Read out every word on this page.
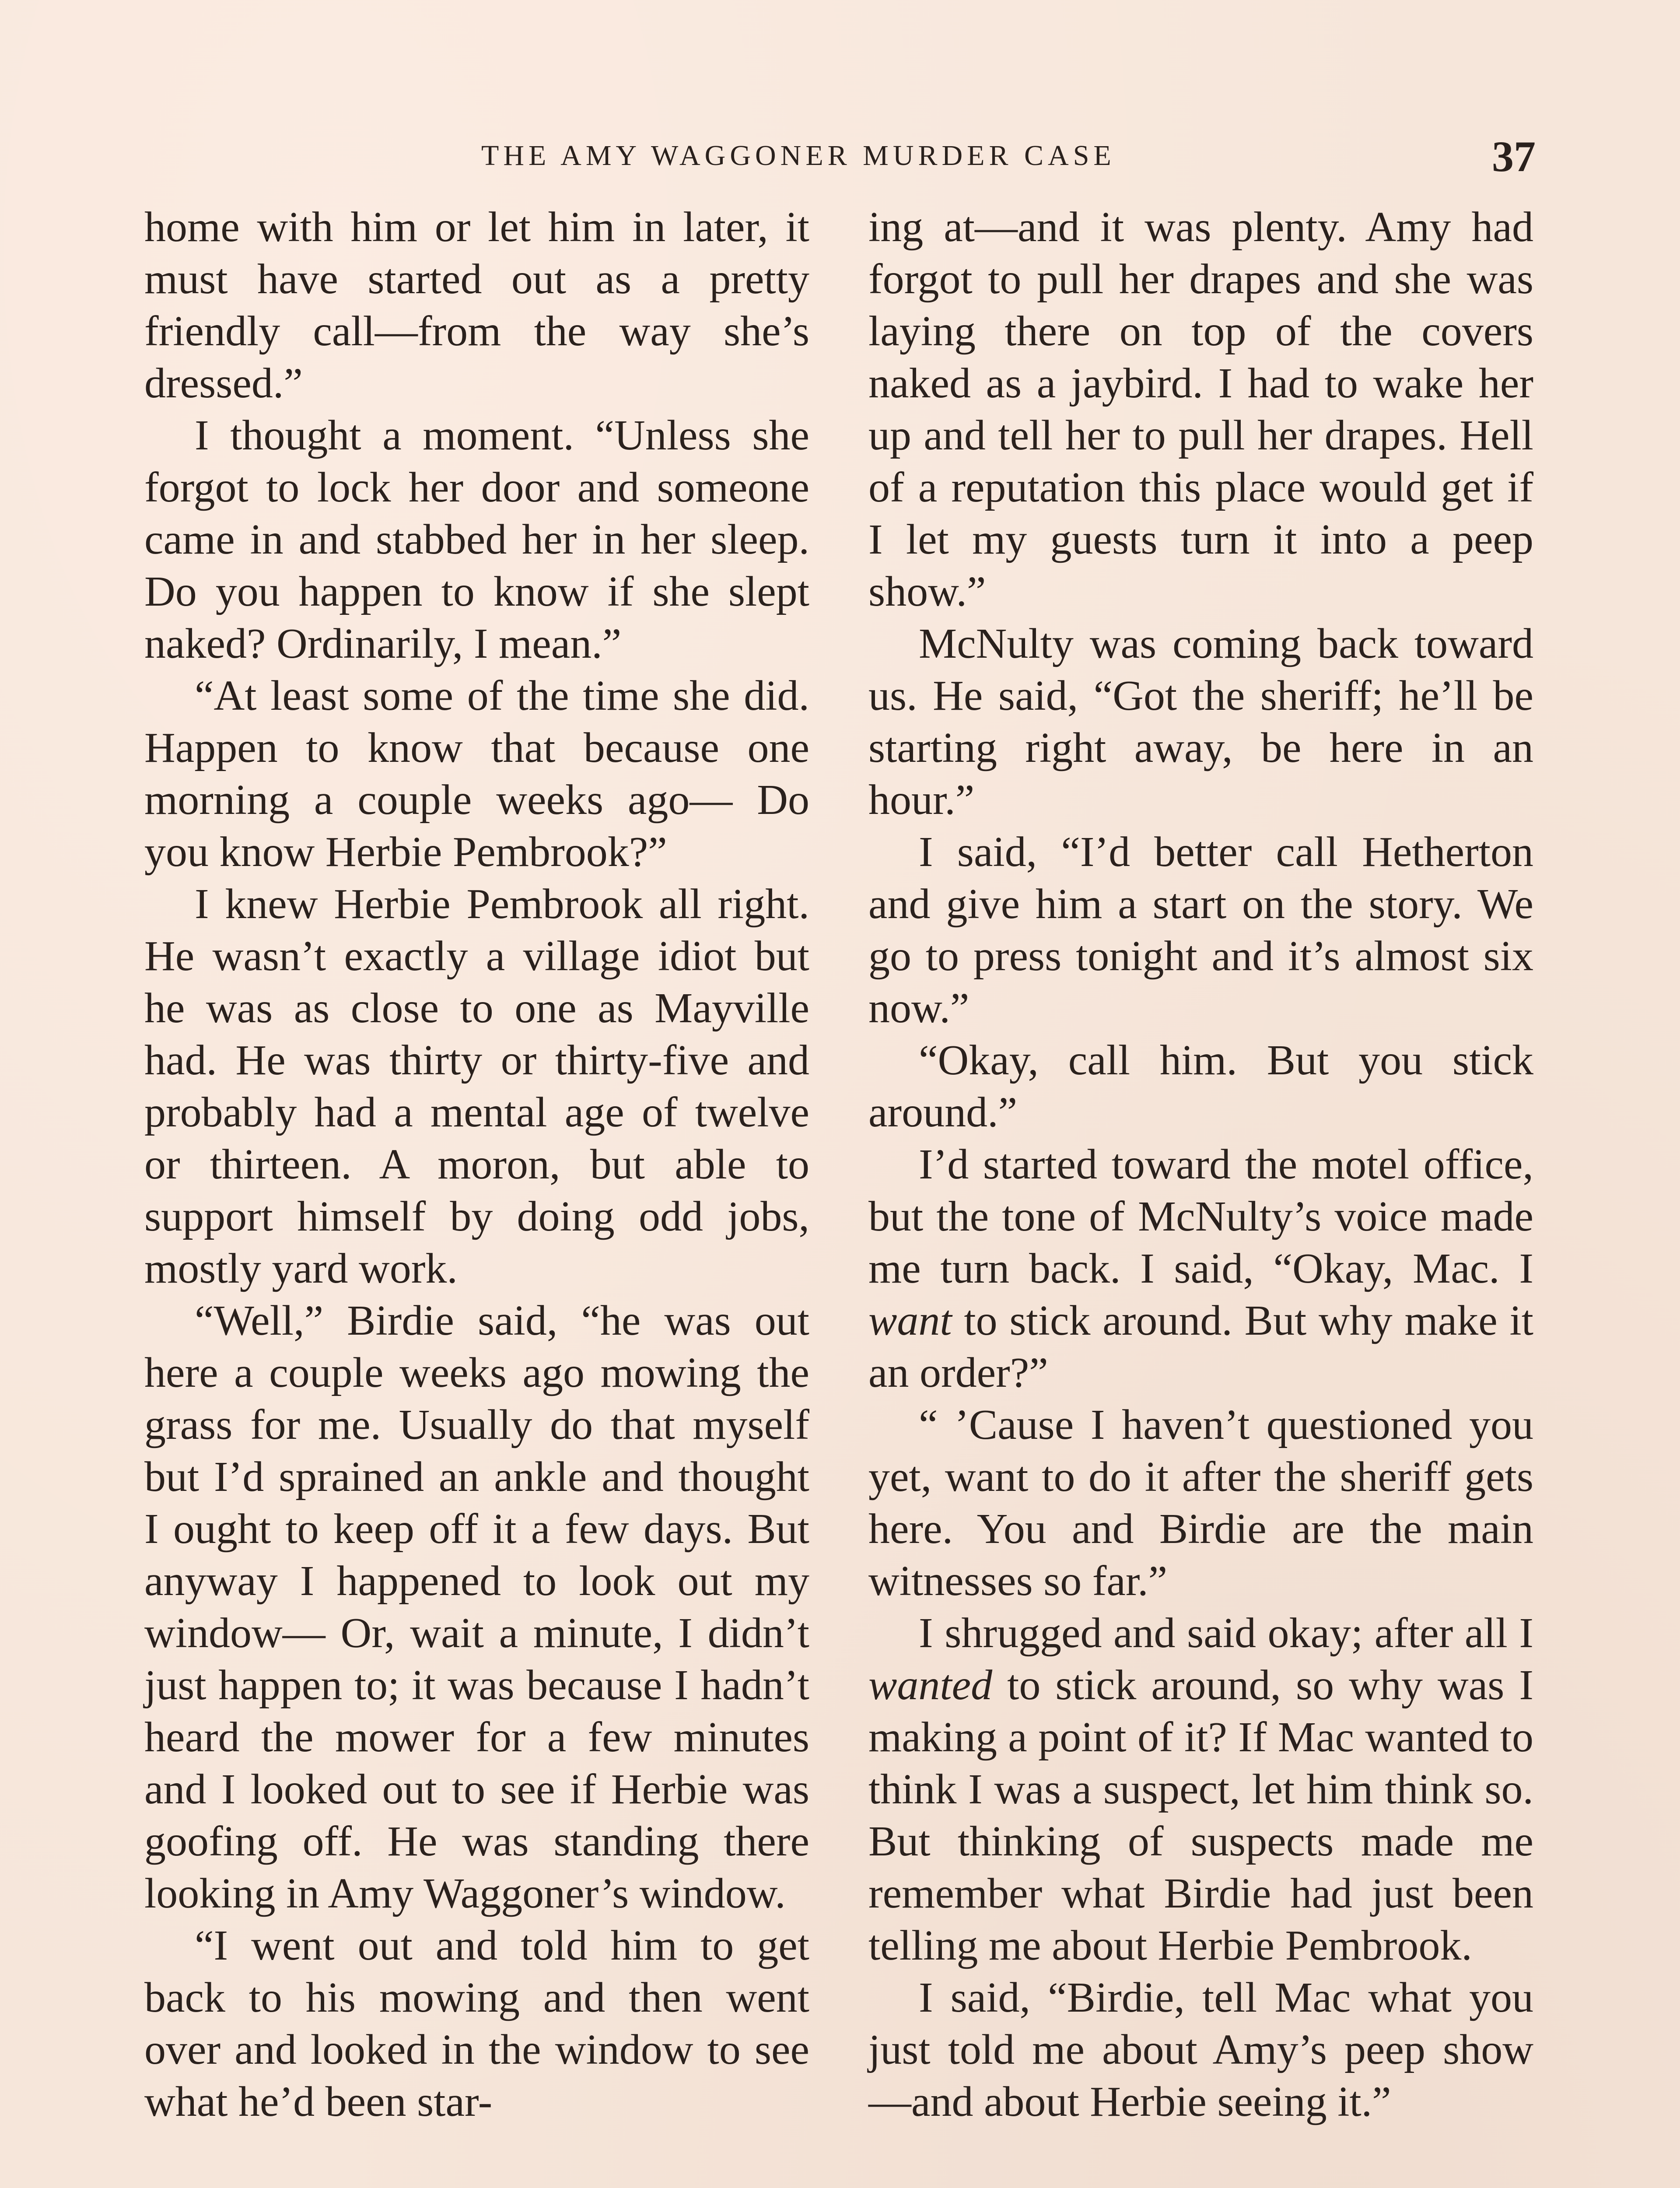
THE AMY WAGGONER MURDER CASE	37

home with him or let him in later, it must have started out as a pretty friendly call—from the way she’s dressed.”

I thought a moment. “Unless she forgot to lock her door and someone came in and stabbed her in her sleep. Do you happen to know if she slept naked? Ordinarily, I mean.”

“At least some of the time she did. Happen to know that because one morning a couple weeks ago— Do you know Herbie Pembrook?”

I knew Herbie Pembrook all right. He wasn’t exactly a village idiot but he was as close to one as Mayville had. He was thirty or thirty-five and probably had a mental age of twelve or thirteen. A moron, but able to support himself by doing odd jobs, mostly yard work.

“Well,” Birdie said, “he was out here a couple weeks ago mowing the grass for me. Usually do that myself but I’d sprained an ankle and thought I ought to keep off it a few days. But anyway I happened to look out my window— Or, wait a minute, I didn’t just happen to; it was because I hadn’t heard the mower for a few minutes and I looked out to see if Herbie was goofing off. He was standing there looking in Amy Waggoner’s window.

“I went out and told him to get back to his mowing and then went over and looked in the window to see what he’d been star-

ing at—and it was plenty. Amy had forgot to pull her drapes and she was laying there on top of the covers naked as a jaybird. I had to wake her up and tell her to pull her drapes. Hell of a reputation this place would get if I let my guests turn it into a peep show.”

McNulty was coming back toward us. He said, “Got the sheriff; he’ll be starting right away, be here in an hour.”

I said, “I’d better call Hetherton and give him a start on the story. We go to press tonight and it’s almost six now.”

“Okay, call him. But you stick around.”

I’d started toward the motel office, but the tone of McNulty’s voice made me turn back. I said, “Okay, Mac. I want to stick around. But why make it an order?”

“ ’Cause I haven’t questioned you yet, want to do it after the sheriff gets here. You and Birdie are the main witnesses so far.”

I shrugged and said okay; after all I wanted to stick around, so why was I making a point of it? If Mac wanted to think I was a suspect, let him think so. But thinking of suspects made me remember what Birdie had just been telling me about Herbie Pembrook.

I said, “Birdie, tell Mac what you just told me about Amy’s peep show—and about Herbie seeing it.”
